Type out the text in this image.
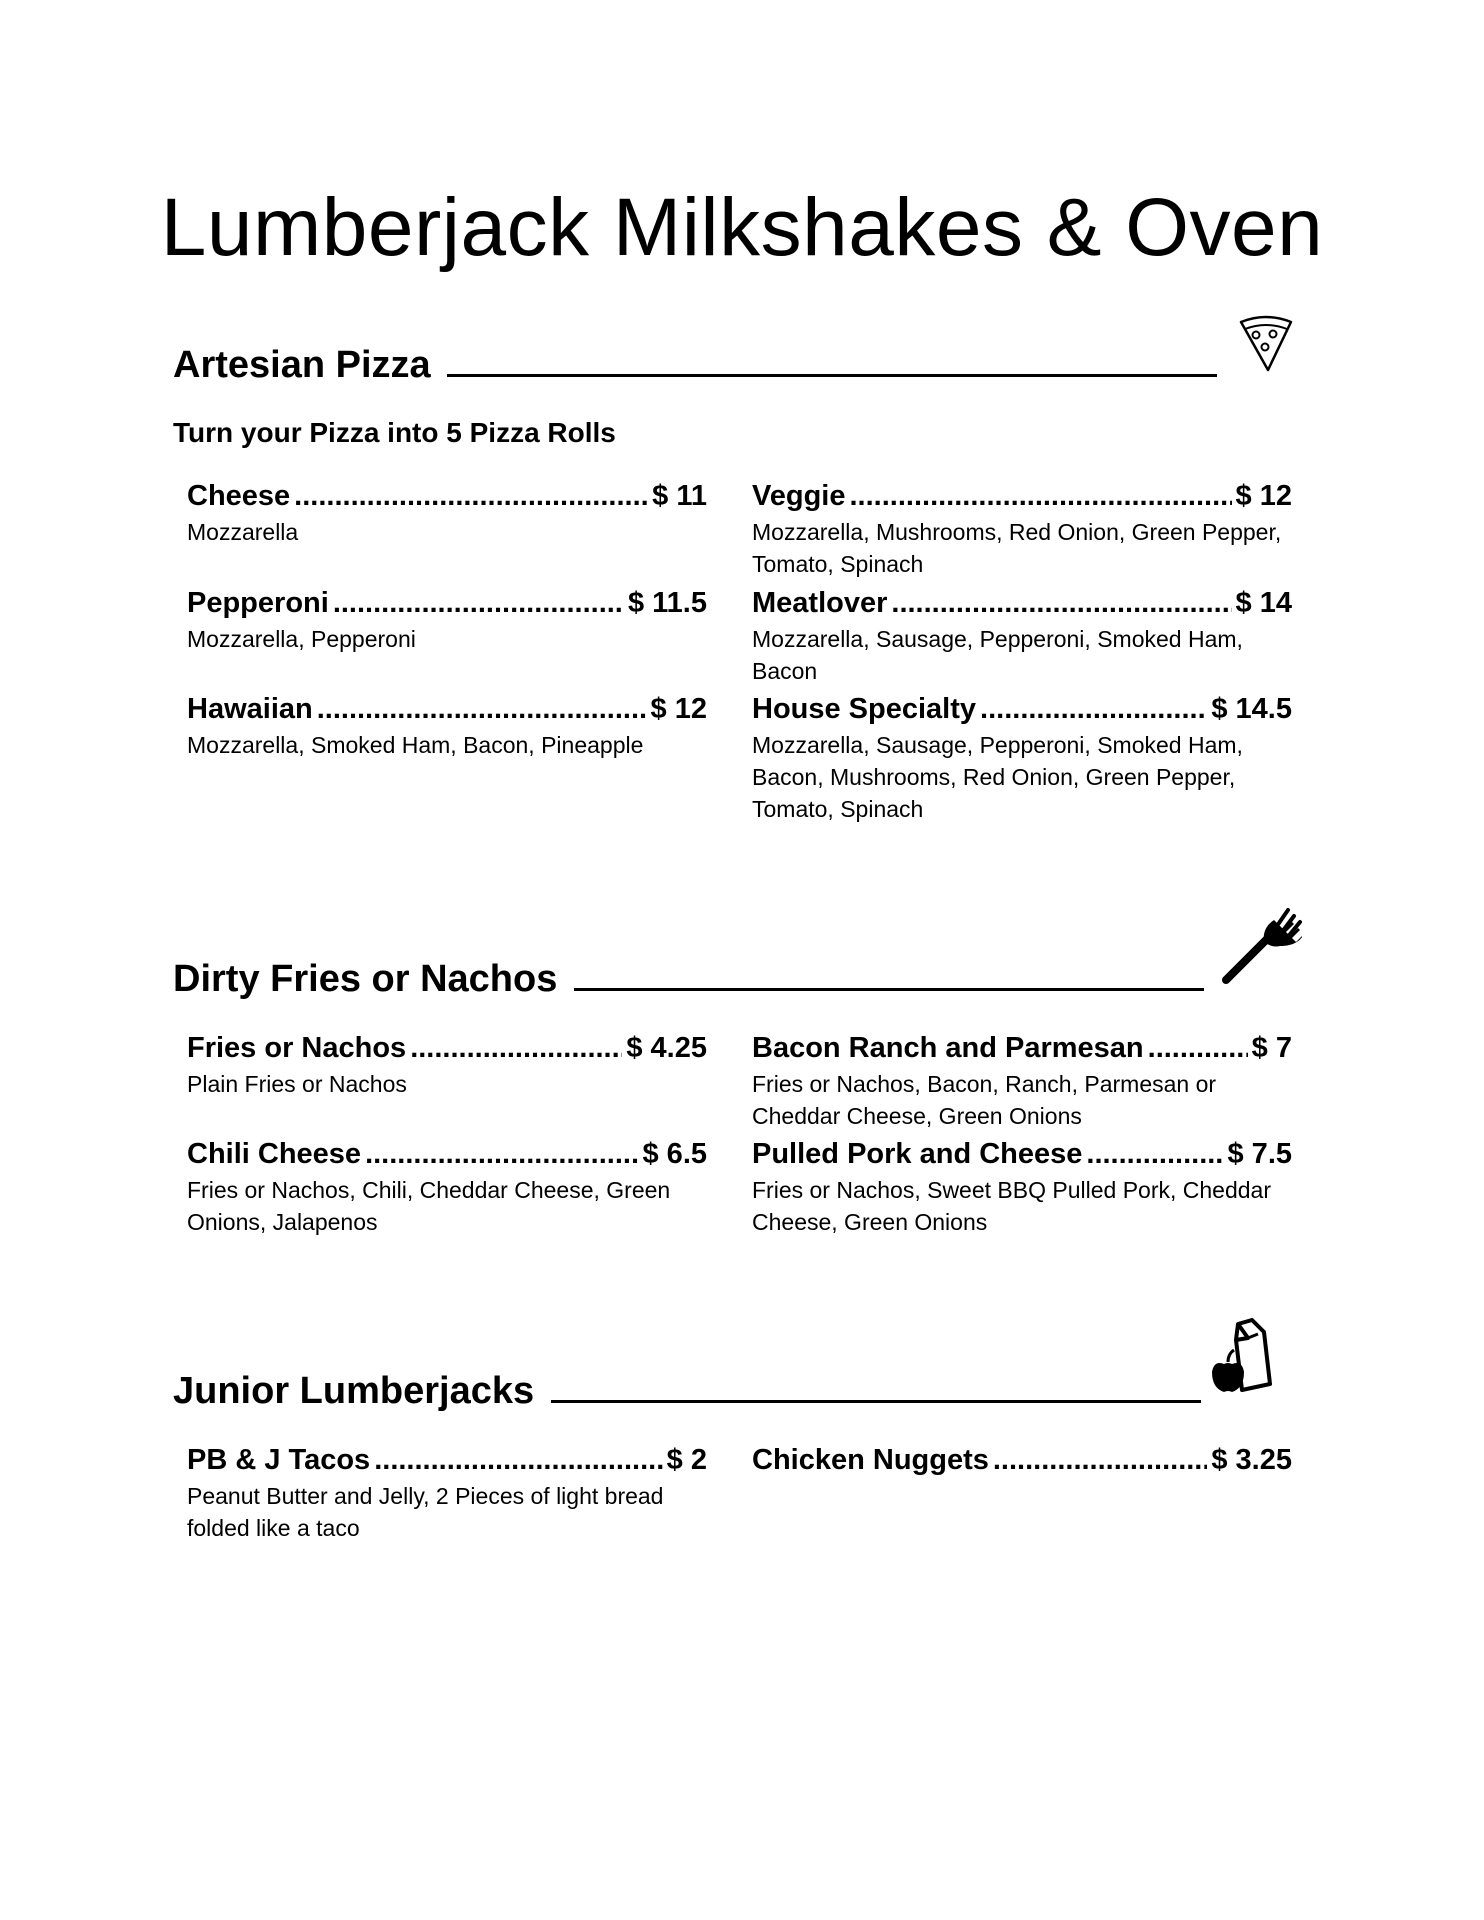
Lumberjack Milkshakes & Oven
Artesian Pizza
Turn your Pizza into 5 Pizza Rolls
Cheese .....	$ 11
Mozzarella
Veggie .....	$ 12
Mozzarella, Mushrooms, Red Onion, Green Pepper, Tomato, Spinach
Pepperoni .....	$ 11.5
Mozzarella, Pepperoni
Meatlover .....	$ 14
Mozzarella, Sausage, Pepperoni, Smoked Ham, Bacon
Hawaiian .....	$ 12
Mozzarella, Smoked Ham, Bacon, Pineapple
House Specialty .....	$ 14.5
Mozzarella, Sausage, Pepperoni, Smoked Ham, Bacon, Mushrooms, Red Onion, Green Pepper, Tomato, Spinach
Dirty Fries or Nachos
Fries or Nachos .....	$ 4.25
Plain Fries or Nachos
Bacon Ranch and Parmesan .....	$ 7
Fries or Nachos, Bacon, Ranch, Parmesan or Cheddar Cheese, Green Onions
Chili Cheese .....	$ 6.5
Fries or Nachos, Chili, Cheddar Cheese, Green Onions, Jalapenos
Pulled Pork and Cheese .....	$ 7.5
Fries or Nachos, Sweet BBQ Pulled Pork, Cheddar Cheese, Green Onions
Junior Lumberjacks
PB & J Tacos .....	$ 2
Peanut Butter and Jelly, 2 Pieces of light bread folded like a taco
Chicken Nuggets .....	$ 3.25
